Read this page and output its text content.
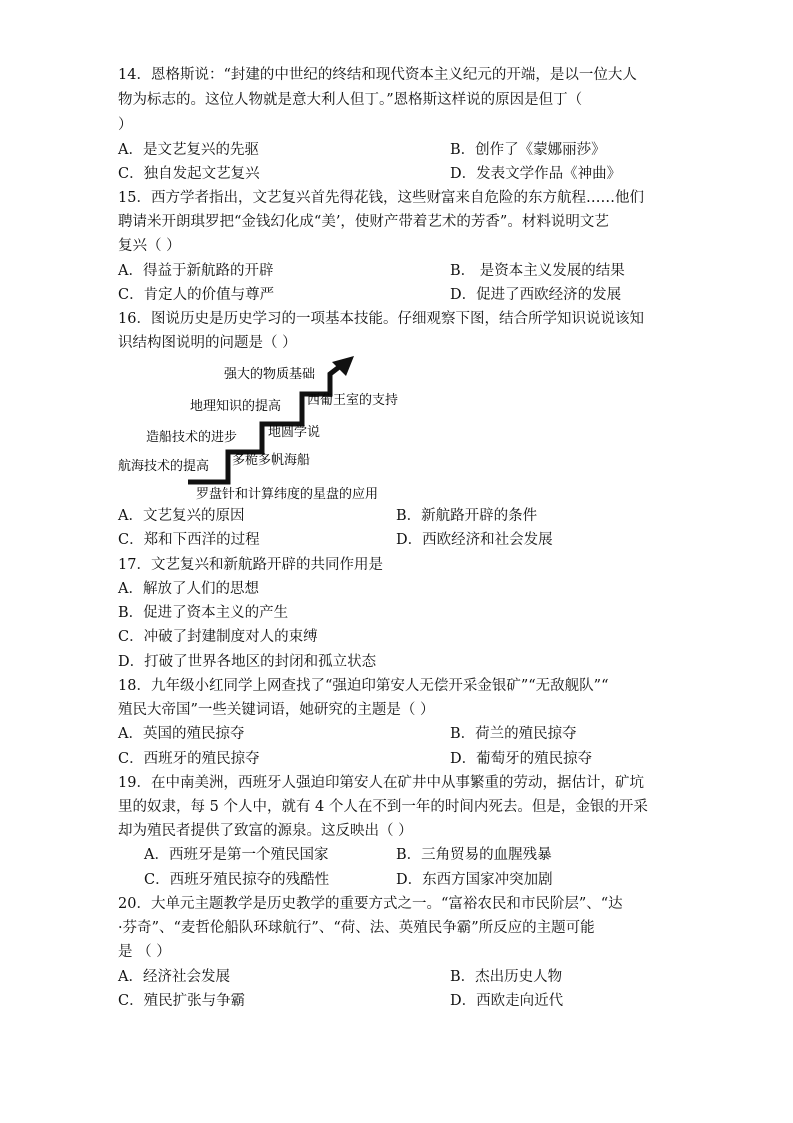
14．恩格斯说：“封建的中世纪的终结和现代资本主义纪元的开端，是以一位大人
物为标志的。这位人物就是意大利人但丁。”恩格斯这样说的原因是但丁（
）
A．是文艺复兴的先驱	B．创作了《蒙娜丽莎》
C．独自发起文艺复兴	D．发表文学作品《神曲》
15．西方学者指出，文艺复兴首先得花钱，这些财富来自危险的东方航程……他们
聘请米开朗琪罗把“金钱幻化成“美’，使财产带着艺术的芳香”。材料说明文艺
复兴（ ）
A．得益于新航路的开辟	B． 是资本主义发展的结果
C．肯定人的价值与尊严	D．促进了西欧经济的发展
16．图说历史是历史学习的一项基本技能。仔细观察下图，结合所学知识说说该知
识结构图说明的问题是（ ）
强大的物质基础
地理知识的提高 西葡王室的支持
造船技术的进步 地圆学说
航海技术的提高 多桅多帆海船
罗盘针和计算纬度的星盘的应用
A．文艺复兴的原因	B．新航路开辟的条件
C．郑和下西洋的过程	D．西欧经济和社会发展
17．文艺复兴和新航路开辟的共同作用是
A．解放了人们的思想
B．促进了资本主义的产生
C．冲破了封建制度对人的束缚
D．打破了世界各地区的封闭和孤立状态
18．九年级小红同学上网查找了“强迫印第安人无偿开采金银矿”“无敌舰队”“
殖民大帝国”一些关键词语，她研究的主题是（ ）
A．英国的殖民掠夺	B．荷兰的殖民掠夺
C．西班牙的殖民掠夺	D．葡萄牙的殖民掠夺
19．在中南美洲，西班牙人强迫印第安人在矿井中从事繁重的劳动，据估计，矿坑
里的奴隶，每 5 个人中，就有 4 个人在不到一年的时间内死去。但是，金银的开采
却为殖民者提供了致富的源泉。这反映出（ ）
A．西班牙是第一个殖民国家	B．三角贸易的血腥残暴
C．西班牙殖民掠夺的残酷性	D．东西方国家冲突加剧
20．大单元主题教学是历史教学的重要方式之一。“富裕农民和市民阶层”、“达
·芬奇”、“麦哲伦船队环球航行”、“荷、法、英殖民争霸”所反应的主题可能
是 （ ）
A．经济社会发展	B．杰出历史人物
C．殖民扩张与争霸	D．西欧走向近代
